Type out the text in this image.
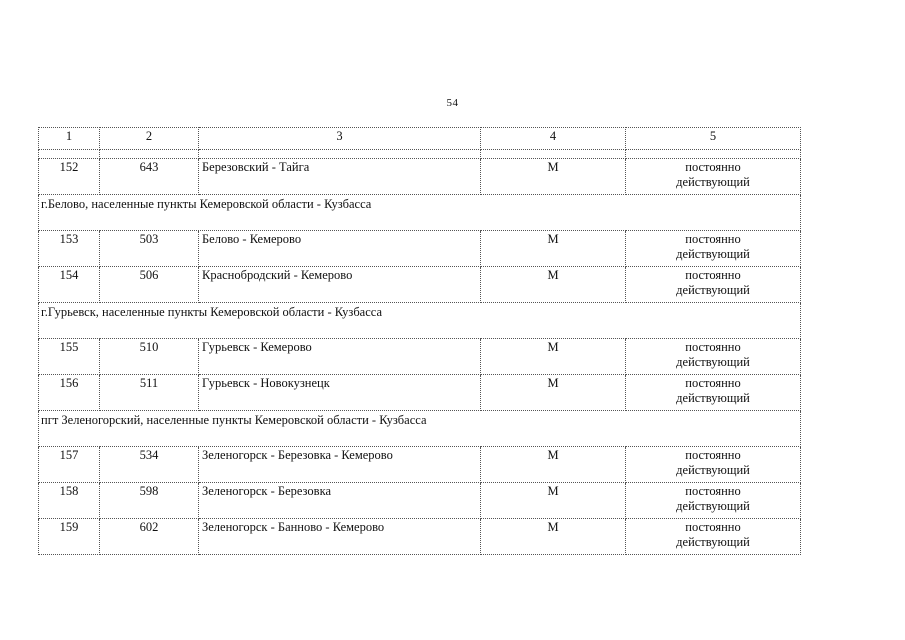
54
1	2	3	4	5

152	643	Березовский - Тайга	М	постоянно
действующий

г.Белово, населенные пункты Кемеровской области - Кузбасса				
153	503	Белово - Кемерово	М	постоянно
действующий

154	506	Краснобродский - Кемерово	М	постоянно
действующий

г.Гурьевск, населенные пункты Кемеровской области - Кузбасса				
155	510	Гурьевск - Кемерово	М	постоянно
действующий

156	511	Гурьевск - Новокузнецк	М	постоянно
действующий

пгт Зеленогорский, населенные пункты Кемеровской области - Кузбасса				
157	534	Зеленогорск - Березовка - Кемерово	М	постоянно
действующий

158	598	Зеленогорск - Березовка	М	постоянно
действующий

159	602	Зеленогорск - Банново - Кемерово	М	постоянно
действующий
